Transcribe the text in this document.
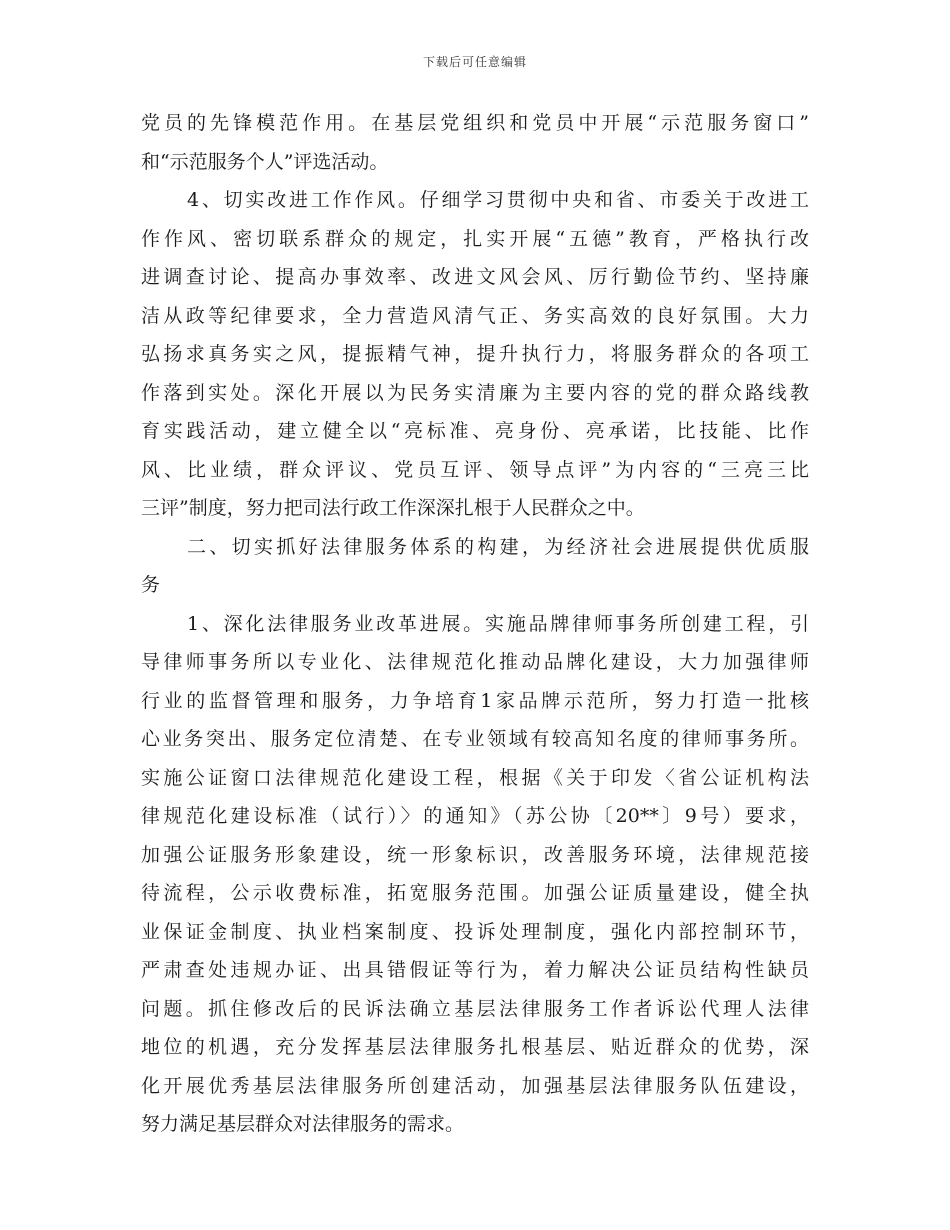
下载后可任意编辑
党员的先锋模范作用。在基层党组织和党员中开展“示范服务窗口”
和“示范服务个人”评选活动。
4、切实改进工作作风。仔细学习贯彻中央和省、市委关于改进工
作作风、密切联系群众的规定，扎实开展“五德”教育，严格执行改
进调查讨论、提高办事效率、改进文风会风、厉行勤俭节约、坚持廉
洁从政等纪律要求，全力营造风清气正、务实高效的良好氛围。大力
弘扬求真务实之风，提振精气神，提升执行力，将服务群众的各项工
作落到实处。深化开展以为民务实清廉为主要内容的党的群众路线教
育实践活动，建立健全以“亮标准、亮身份、亮承诺，比技能、比作
风、比业绩，群众评议、党员互评、领导点评”为内容的“三亮三比
三评”制度，努力把司法行政工作深深扎根于人民群众之中。
二、切实抓好法律服务体系的构建，为经济社会进展提供优质服
务
1、深化法律服务业改革进展。实施品牌律师事务所创建工程，引
导律师事务所以专业化、法律规范化推动品牌化建设，大力加强律师
行业的监督管理和服务，力争培育1家品牌示范所，努力打造一批核
心业务突出、服务定位清楚、在专业领域有较高知名度的律师事务所。
实施公证窗口法律规范化建设工程，根据《关于印发〈省公证机构法
律规范化建设标准（试行）〉的通知》（苏公协〔20**〕9号）要求，
加强公证服务形象建设，统一形象标识，改善服务环境，法律规范接
待流程，公示收费标准，拓宽服务范围。加强公证质量建设，健全执
业保证金制度、执业档案制度、投诉处理制度，强化内部控制环节，
严肃查处违规办证、出具错假证等行为，着力解决公证员结构性缺员
问题。抓住修改后的民诉法确立基层法律服务工作者诉讼代理人法律
地位的机遇，充分发挥基层法律服务扎根基层、贴近群众的优势，深
化开展优秀基层法律服务所创建活动，加强基层法律服务队伍建设，
努力满足基层群众对法律服务的需求。
